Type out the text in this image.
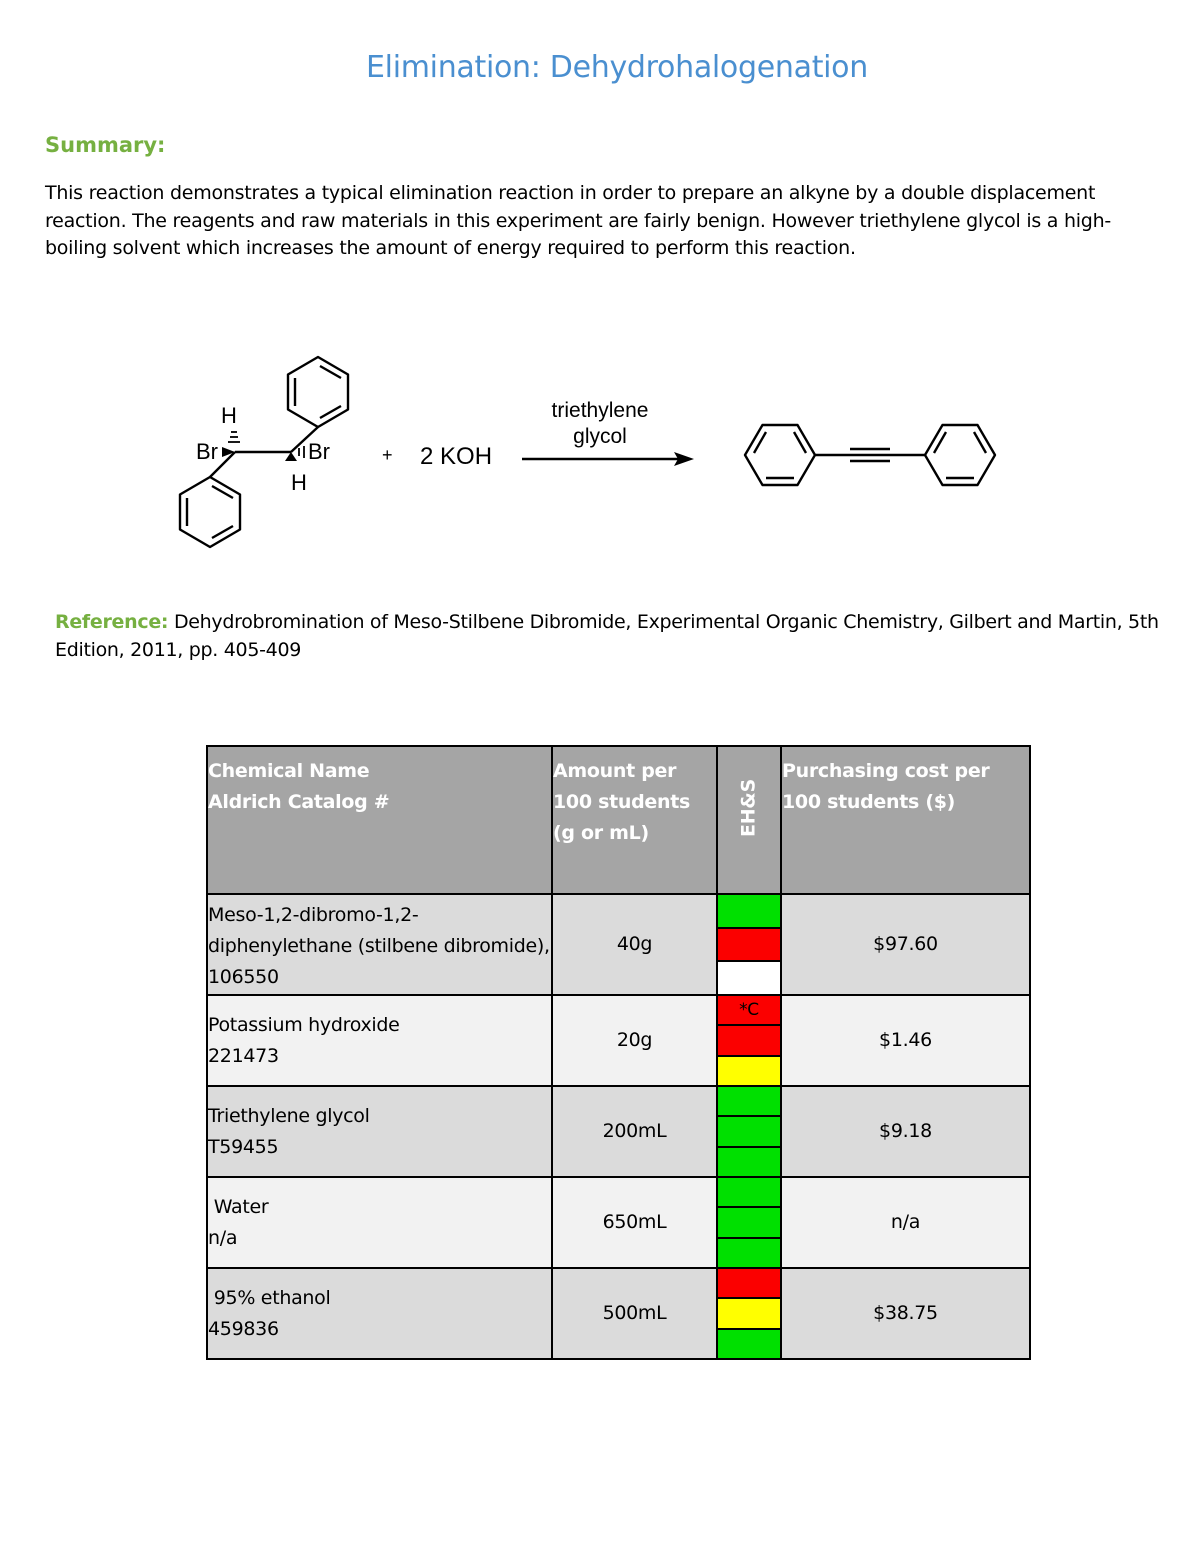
Elimination: Dehydrohalogenation
Summary:
This reaction demonstrates a typical elimination reaction in order to prepare an alkyne by a double displacement reaction. The reagents and raw materials in this experiment are fairly benign. However triethylene glycol is a high-boiling solvent which increases the amount of energy required to perform this reaction.
H
Br	Br
H
+ 2 KOH
triethylene
glycol
Reference: Dehydrobromination of Meso-Stilbene Dibromide, Experimental Organic Chemistry, Gilbert and Martin, 5th Edition, 2011, pp. 405-409
Chemical Name
Aldrich Catalog #	Amount per 100 students (g or mL)	EH&S	Purchasing cost per 100 students ($)

Meso-1,2-dibromo-1,2-diphenylethane (stilbene dibromide), 106550	40g		$97.60

Potassium hydroxide
221473	20g	*C	$1.46

Triethylene glycol
T59455	200mL		$9.18

Water
n/a	650mL		n/a

95% ethanol
459836	500mL		$38.75
